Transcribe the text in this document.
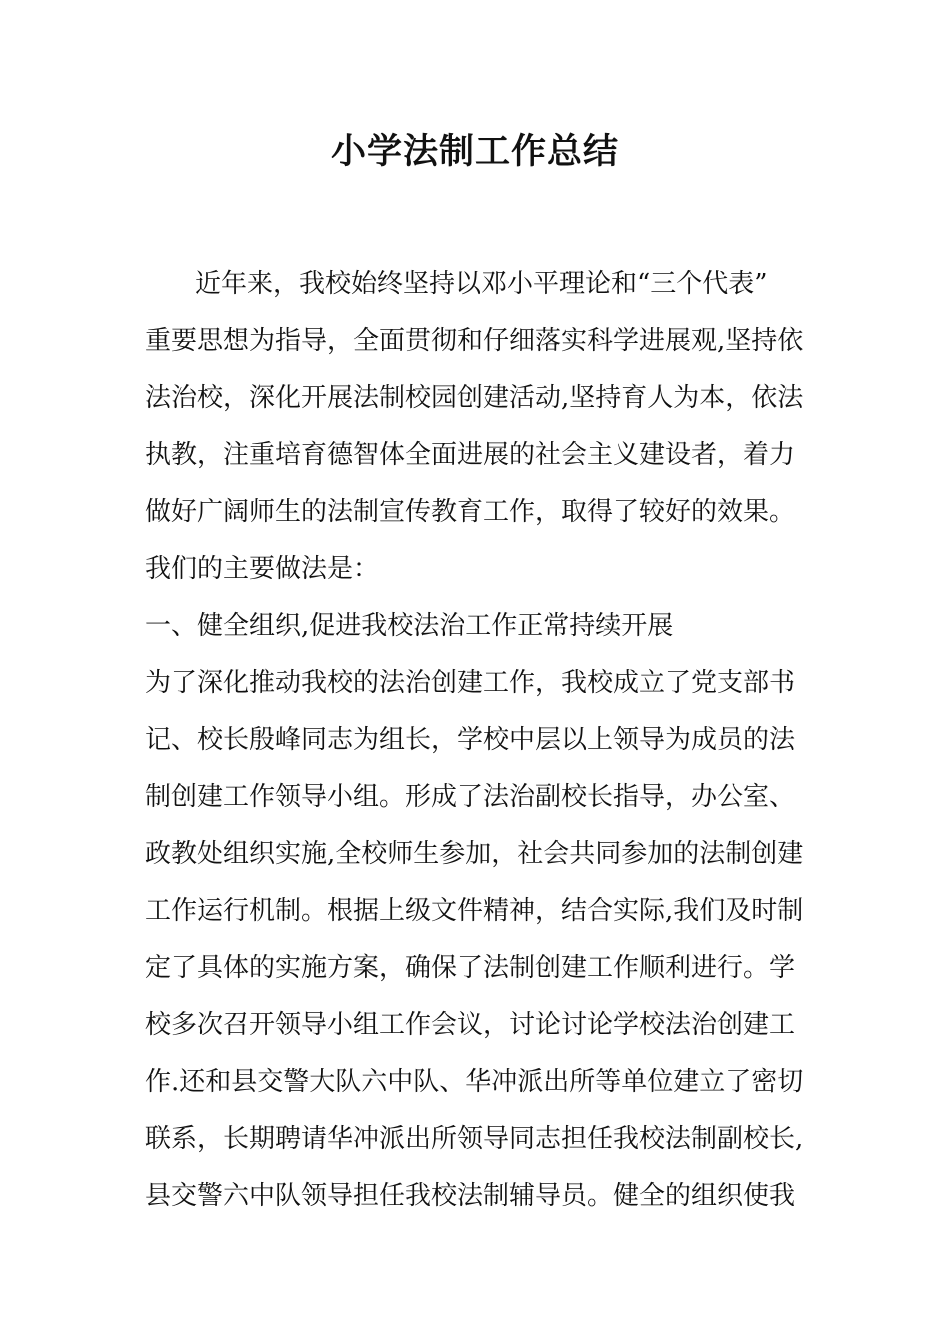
小学法制工作总结
近年来，我校始终坚持以邓小平理论和“三个代表”
重要思想为指导，全面贯彻和仔细落实科学进展观,坚持依
法治校，深化开展法制校园创建活动,坚持育人为本，依法
执教，注重培育德智体全面进展的社会主义建设者，着力
做好广阔师生的法制宣传教育工作，取得了较好的效果。
我们的主要做法是：
一、健全组织,促进我校法治工作正常持续开展
为了深化推动我校的法治创建工作，我校成立了党支部书
记、校长殷峰同志为组长，学校中层以上领导为成员的法
制创建工作领导小组。形成了法治副校长指导，办公室、
政教处组织实施,全校师生参加，社会共同参加的法制创建
工作运行机制。根据上级文件精神，结合实际,我们及时制
定了具体的实施方案，确保了法制创建工作顺利进行。学
校多次召开领导小组工作会议，讨论讨论学校法治创建工
作.还和县交警大队六中队、华冲派出所等单位建立了密切
联系，长期聘请华冲派出所领导同志担任我校法制副校长,
县交警六中队领导担任我校法制辅导员。健全的组织使我
